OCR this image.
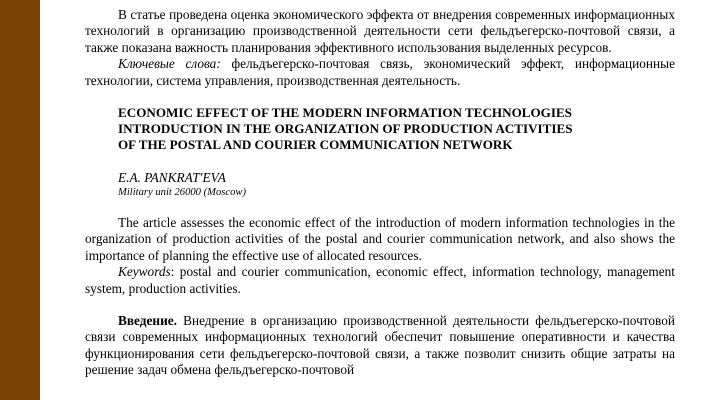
В статье проведена оценка экономического эффекта от внедрения современных информационных технологий в организацию производственной деятельности сети фельдъегерско-почтовой связи, а также показана важность планирования эффективного использования выделенных ресурсов.

Ключевые слова: фельдъегерско-почтовая связь, экономический эффект, информационные технологии, система управления, производственная деятельность.

ECONOMIC EFFECT OF THE MODERN INFORMATION TECHNOLOGIES
INTRODUCTION IN THE ORGANIZATION OF PRODUCTION ACTIVITIES
OF THE POSTAL AND COURIER COMMUNICATION NETWORK

E.A. PANKRAT'EVA

Military unit 26000 (Moscow)

The article assesses the economic effect of the introduction of modern information technologies in the organization of production activities of the postal and courier communication network, and also shows the importance of planning the effective use of allocated resources.

Keywords: postal and courier communication, economic effect, information technology, management system, production activities.

Введение. Внедрение в организацию производственной деятельности фельдъегерско-почтовой связи современных информационных технологий обеспечит повышение оперативности и качества функционирования сети фельдъегерско-почтовой связи, а также позволит снизить общие затраты на решение задач обмена фельдъегерско-почтовой
